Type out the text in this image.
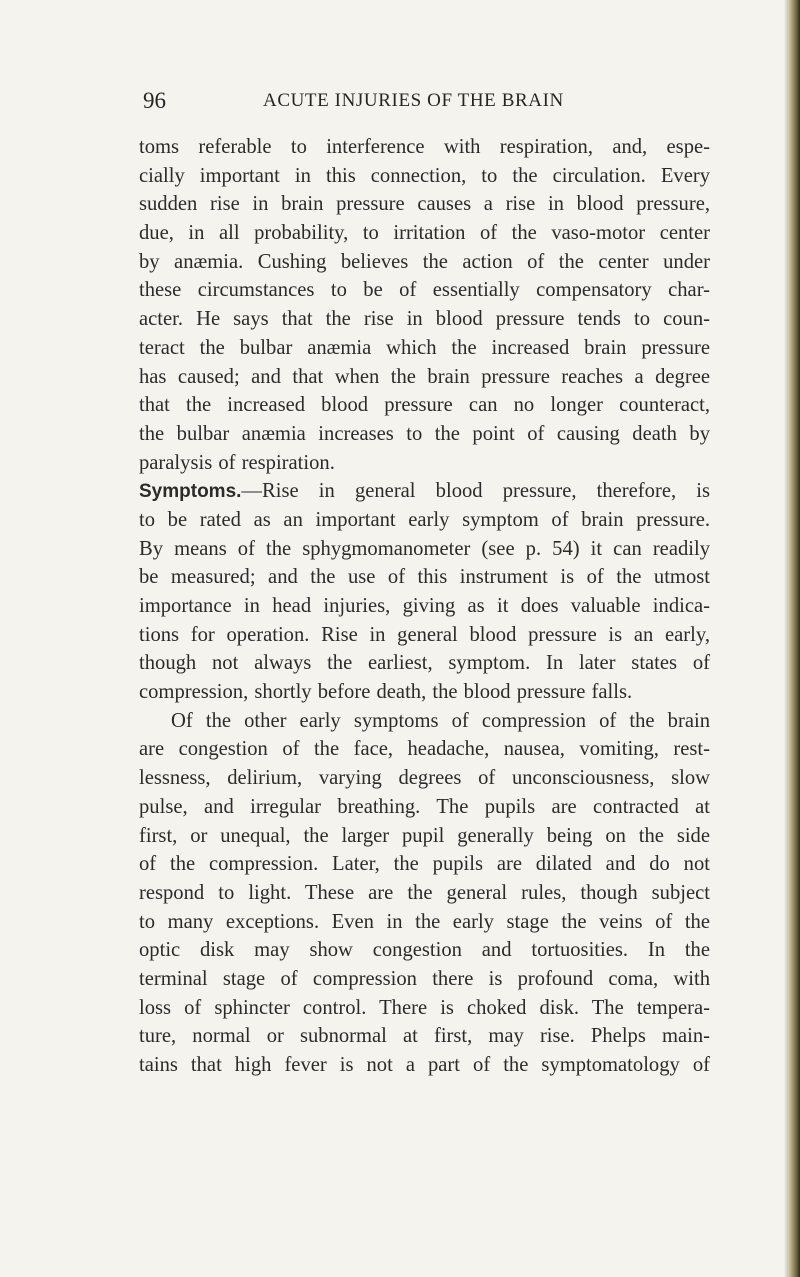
96	ACUTE INJURIES OF THE BRAIN
toms referable to interference with respiration, and, espe-
cially important in this connection, to the circulation. Every
sudden rise in brain pressure causes a rise in blood pressure,
due, in all probability, to irritation of the vaso-motor center
by anæmia. Cushing believes the action of the center under
these circumstances to be of essentially compensatory char-
acter. He says that the rise in blood pressure tends to coun-
teract the bulbar anæmia which the increased brain pressure
has caused; and that when the brain pressure reaches a degree
that the increased blood pressure can no longer counteract,
the bulbar anæmia increases to the point of causing death by
paralysis of respiration.
Symptoms.—Rise in general blood pressure, therefore, is
to be rated as an important early symptom of brain pressure.
By means of the sphygmomanometer (see p. 54) it can readily
be measured; and the use of this instrument is of the utmost
importance in head injuries, giving as it does valuable indica-
tions for operation. Rise in general blood pressure is an early,
though not always the earliest, symptom. In later states of
compression, shortly before death, the blood pressure falls.
Of the other early symptoms of compression of the brain
are congestion of the face, headache, nausea, vomiting, rest-
lessness, delirium, varying degrees of unconsciousness, slow
pulse, and irregular breathing. The pupils are contracted at
first, or unequal, the larger pupil generally being on the side
of the compression. Later, the pupils are dilated and do not
respond to light. These are the general rules, though subject
to many exceptions. Even in the early stage the veins of the
optic disk may show congestion and tortuosities. In the
terminal stage of compression there is profound coma, with
loss of sphincter control. There is choked disk. The tempera-
ture, normal or subnormal at first, may rise. Phelps main-
tains that high fever is not a part of the symptomatology of
